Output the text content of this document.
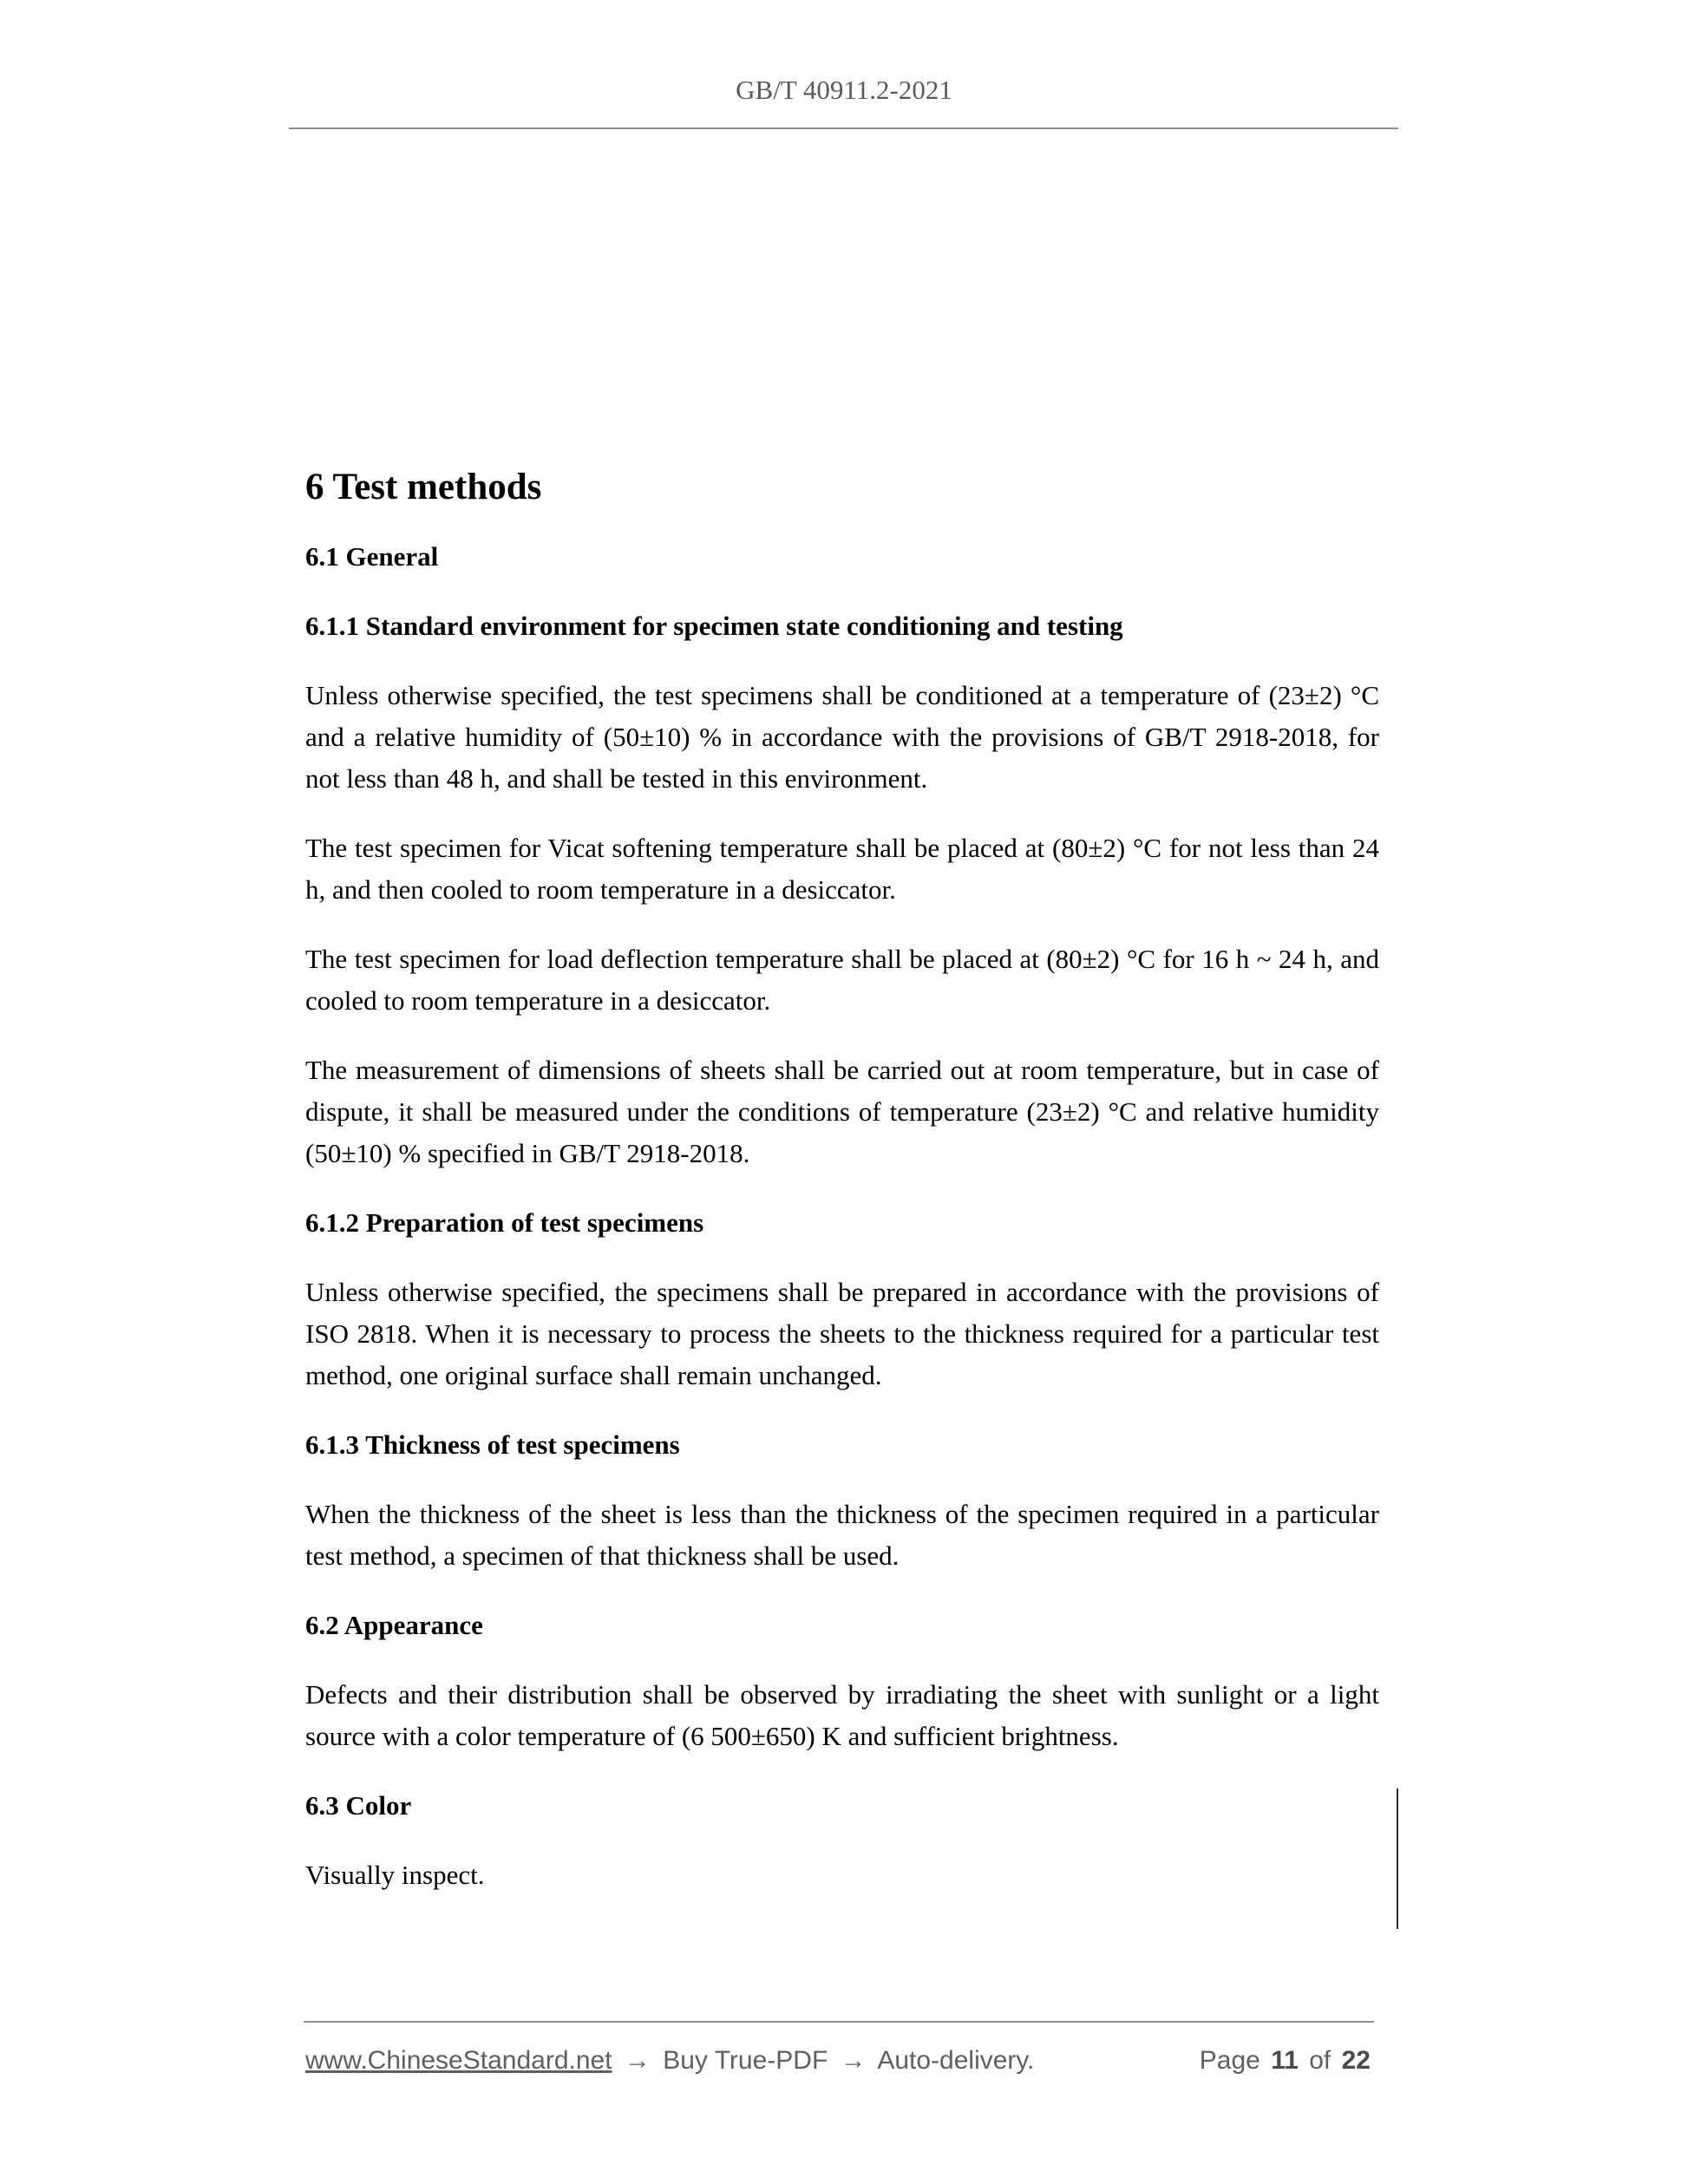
GB/T 40911.2-2021
6 Test methods
6.1 General
6.1.1 Standard environment for specimen state conditioning and testing

Unless otherwise specified, the test specimens shall be conditioned at a temperature of (23±2) °C and a relative humidity of (50±10) % in accordance with the provisions of GB/T 2918-2018, for not less than 48 h, and shall be tested in this environment.

The test specimen for Vicat softening temperature shall be placed at (80±2) °C for not less than 24 h, and then cooled to room temperature in a desiccator.

The test specimen for load deflection temperature shall be placed at (80±2) °C for 16 h ~ 24 h, and cooled to room temperature in a desiccator.

The measurement of dimensions of sheets shall be carried out at room temperature, but in case of dispute, it shall be measured under the conditions of temperature (23±2) °C and relative humidity (50±10) % specified in GB/T 2918-2018.

6.1.2 Preparation of test specimens

Unless otherwise specified, the specimens shall be prepared in accordance with the provisions of ISO 2818. When it is necessary to process the sheets to the thickness required for a particular test method, one original surface shall remain unchanged.

6.1.3 Thickness of test specimens

When the thickness of the sheet is less than the thickness of the specimen required in a particular test method, a specimen of that thickness shall be used.

6.2 Appearance

Defects and their distribution shall be observed by irradiating the sheet with sunlight or a light source with a color temperature of (6 500±650) K and sufficient brightness.

6.3 Color

Visually inspect.

www.ChineseStandard.net → Buy True-PDF → Auto-delivery.	Page 11 of 22
